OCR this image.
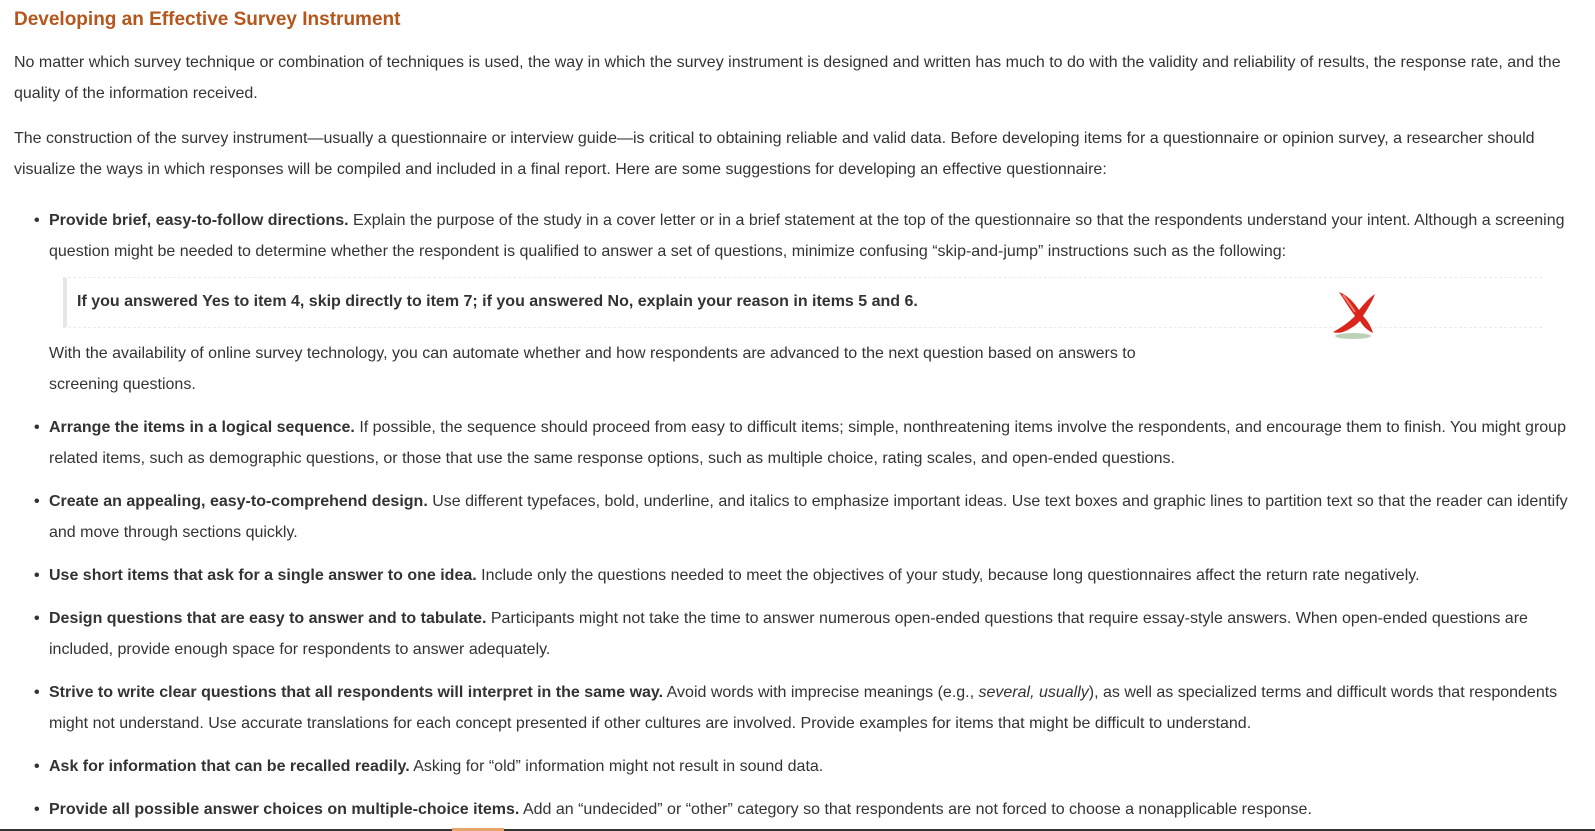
Developing an Effective Survey Instrument

No matter which survey technique or combination of techniques is used, the way in which the survey instrument is designed and written has much to do with the validity and reliability of results, the response rate, and the quality of the information received.

The construction of the survey instrument—usually a questionnaire or interview guide—is critical to obtaining reliable and valid data. Before developing items for a questionnaire or opinion survey, a researcher should visualize the ways in which responses will be compiled and included in a final report. Here are some suggestions for developing an effective questionnaire:

• Provide brief, easy-to-follow directions. Explain the purpose of the study in a cover letter or in a brief statement at the top of the questionnaire so that the respondents understand your intent. Although a screening question might be needed to determine whether the respondent is qualified to answer a set of questions, minimize confusing “skip-and-jump” instructions such as the following:
If you answered Yes to item 4, skip directly to item 7; if you answered No, explain your reason in items 5 and 6.

With the availability of online survey technology, you can automate whether and how respondents are advanced to the next question based on answers to screening questions.

• Arrange the items in a logical sequence. If possible, the sequence should proceed from easy to difficult items; simple, nonthreatening items involve the respondents, and encourage them to finish. You might group related items, such as demographic questions, or those that use the same response options, such as multiple choice, rating scales, and open-ended questions.
• Create an appealing, easy-to-comprehend design. Use different typefaces, bold, underline, and italics to emphasize important ideas. Use text boxes and graphic lines to partition text so that the reader can identify and move through sections quickly.
• Use short items that ask for a single answer to one idea. Include only the questions needed to meet the objectives of your study, because long questionnaires affect the return rate negatively.
• Design questions that are easy to answer and to tabulate. Participants might not take the time to answer numerous open-ended questions that require essay-style answers. When open-ended questions are included, provide enough space for respondents to answer adequately.
• Strive to write clear questions that all respondents will interpret in the same way. Avoid words with imprecise meanings (e.g., several, usually), as well as specialized terms and difficult words that respondents might not understand. Use accurate translations for each concept presented if other cultures are involved. Provide examples for items that might be difficult to understand.
• Ask for information that can be recalled readily. Asking for “old” information might not result in sound data.
• Provide all possible answer choices on multiple-choice items. Add an “undecided” or “other” category so that respondents are not forced to choose a nonapplicable response.
